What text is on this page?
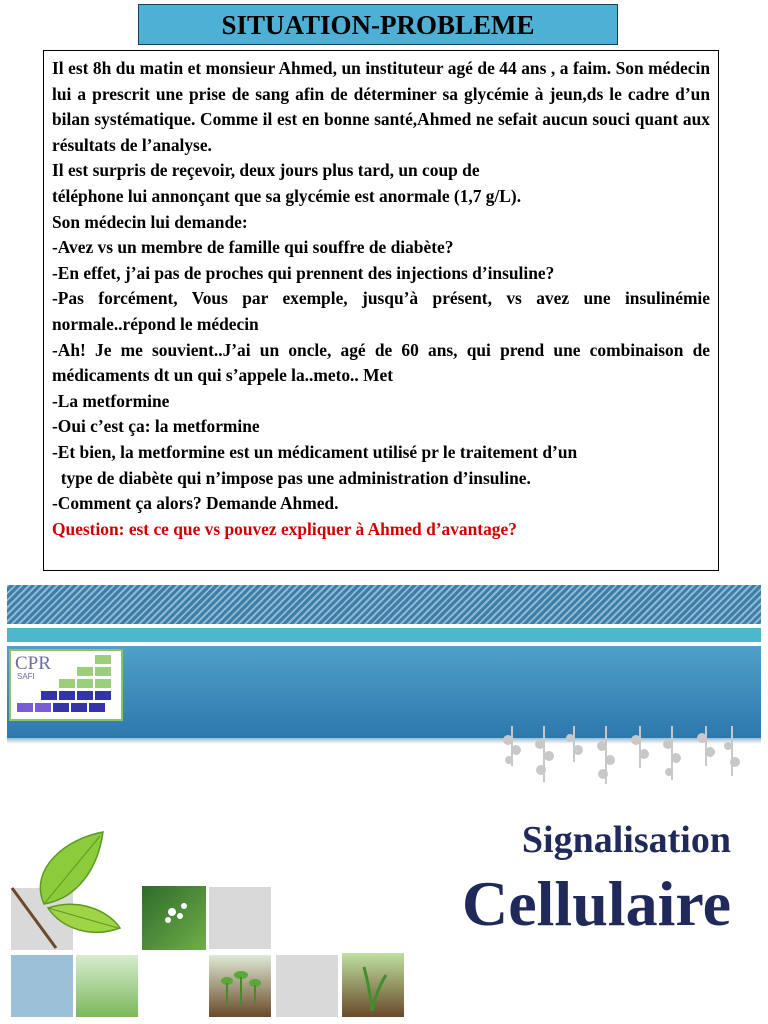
SITUATION-PROBLEME

Il est 8h du matin et monsieur Ahmed, un instituteur agé de 44 ans , a faim. Son médecin lui a prescrit une prise de sang afin de déterminer sa glycémie à jeun,ds le cadre d’un bilan systématique. Comme il est en bonne santé,Ahmed ne sefait aucun souci quant aux résultats de l’analyse.

Il est surpris de reçevoir, deux jours plus tard, un coup de

téléphone lui annonçant que sa glycémie est anormale (1,7 g/L).

Son médecin lui demande:

-Avez vs un membre de famille qui souffre de diabète?

-En effet, j’ai pas de proches qui prennent des injections d’insuline?

-Pas forcément, Vous par exemple, jusqu’à présent, vs avez une insulinémie normale..répond le médecin

-Ah! Je me souvient..J’ai un oncle, agé de 60 ans, qui prend une combinaison de médicaments dt un qui s’appele la..meto.. Met

-La metformine

-Oui c’est ça: la metformine

-Et bien, la metformine est un médicament utilisé pr le traitement d’un

type de diabète qui n’impose pas une administration d’insuline.

-Comment ça alors? Demande Ahmed.

Question: est ce que vs pouvez expliquer à Ahmed d’avantage?

CPR
SAFI
Signalisation
Cellulaire
